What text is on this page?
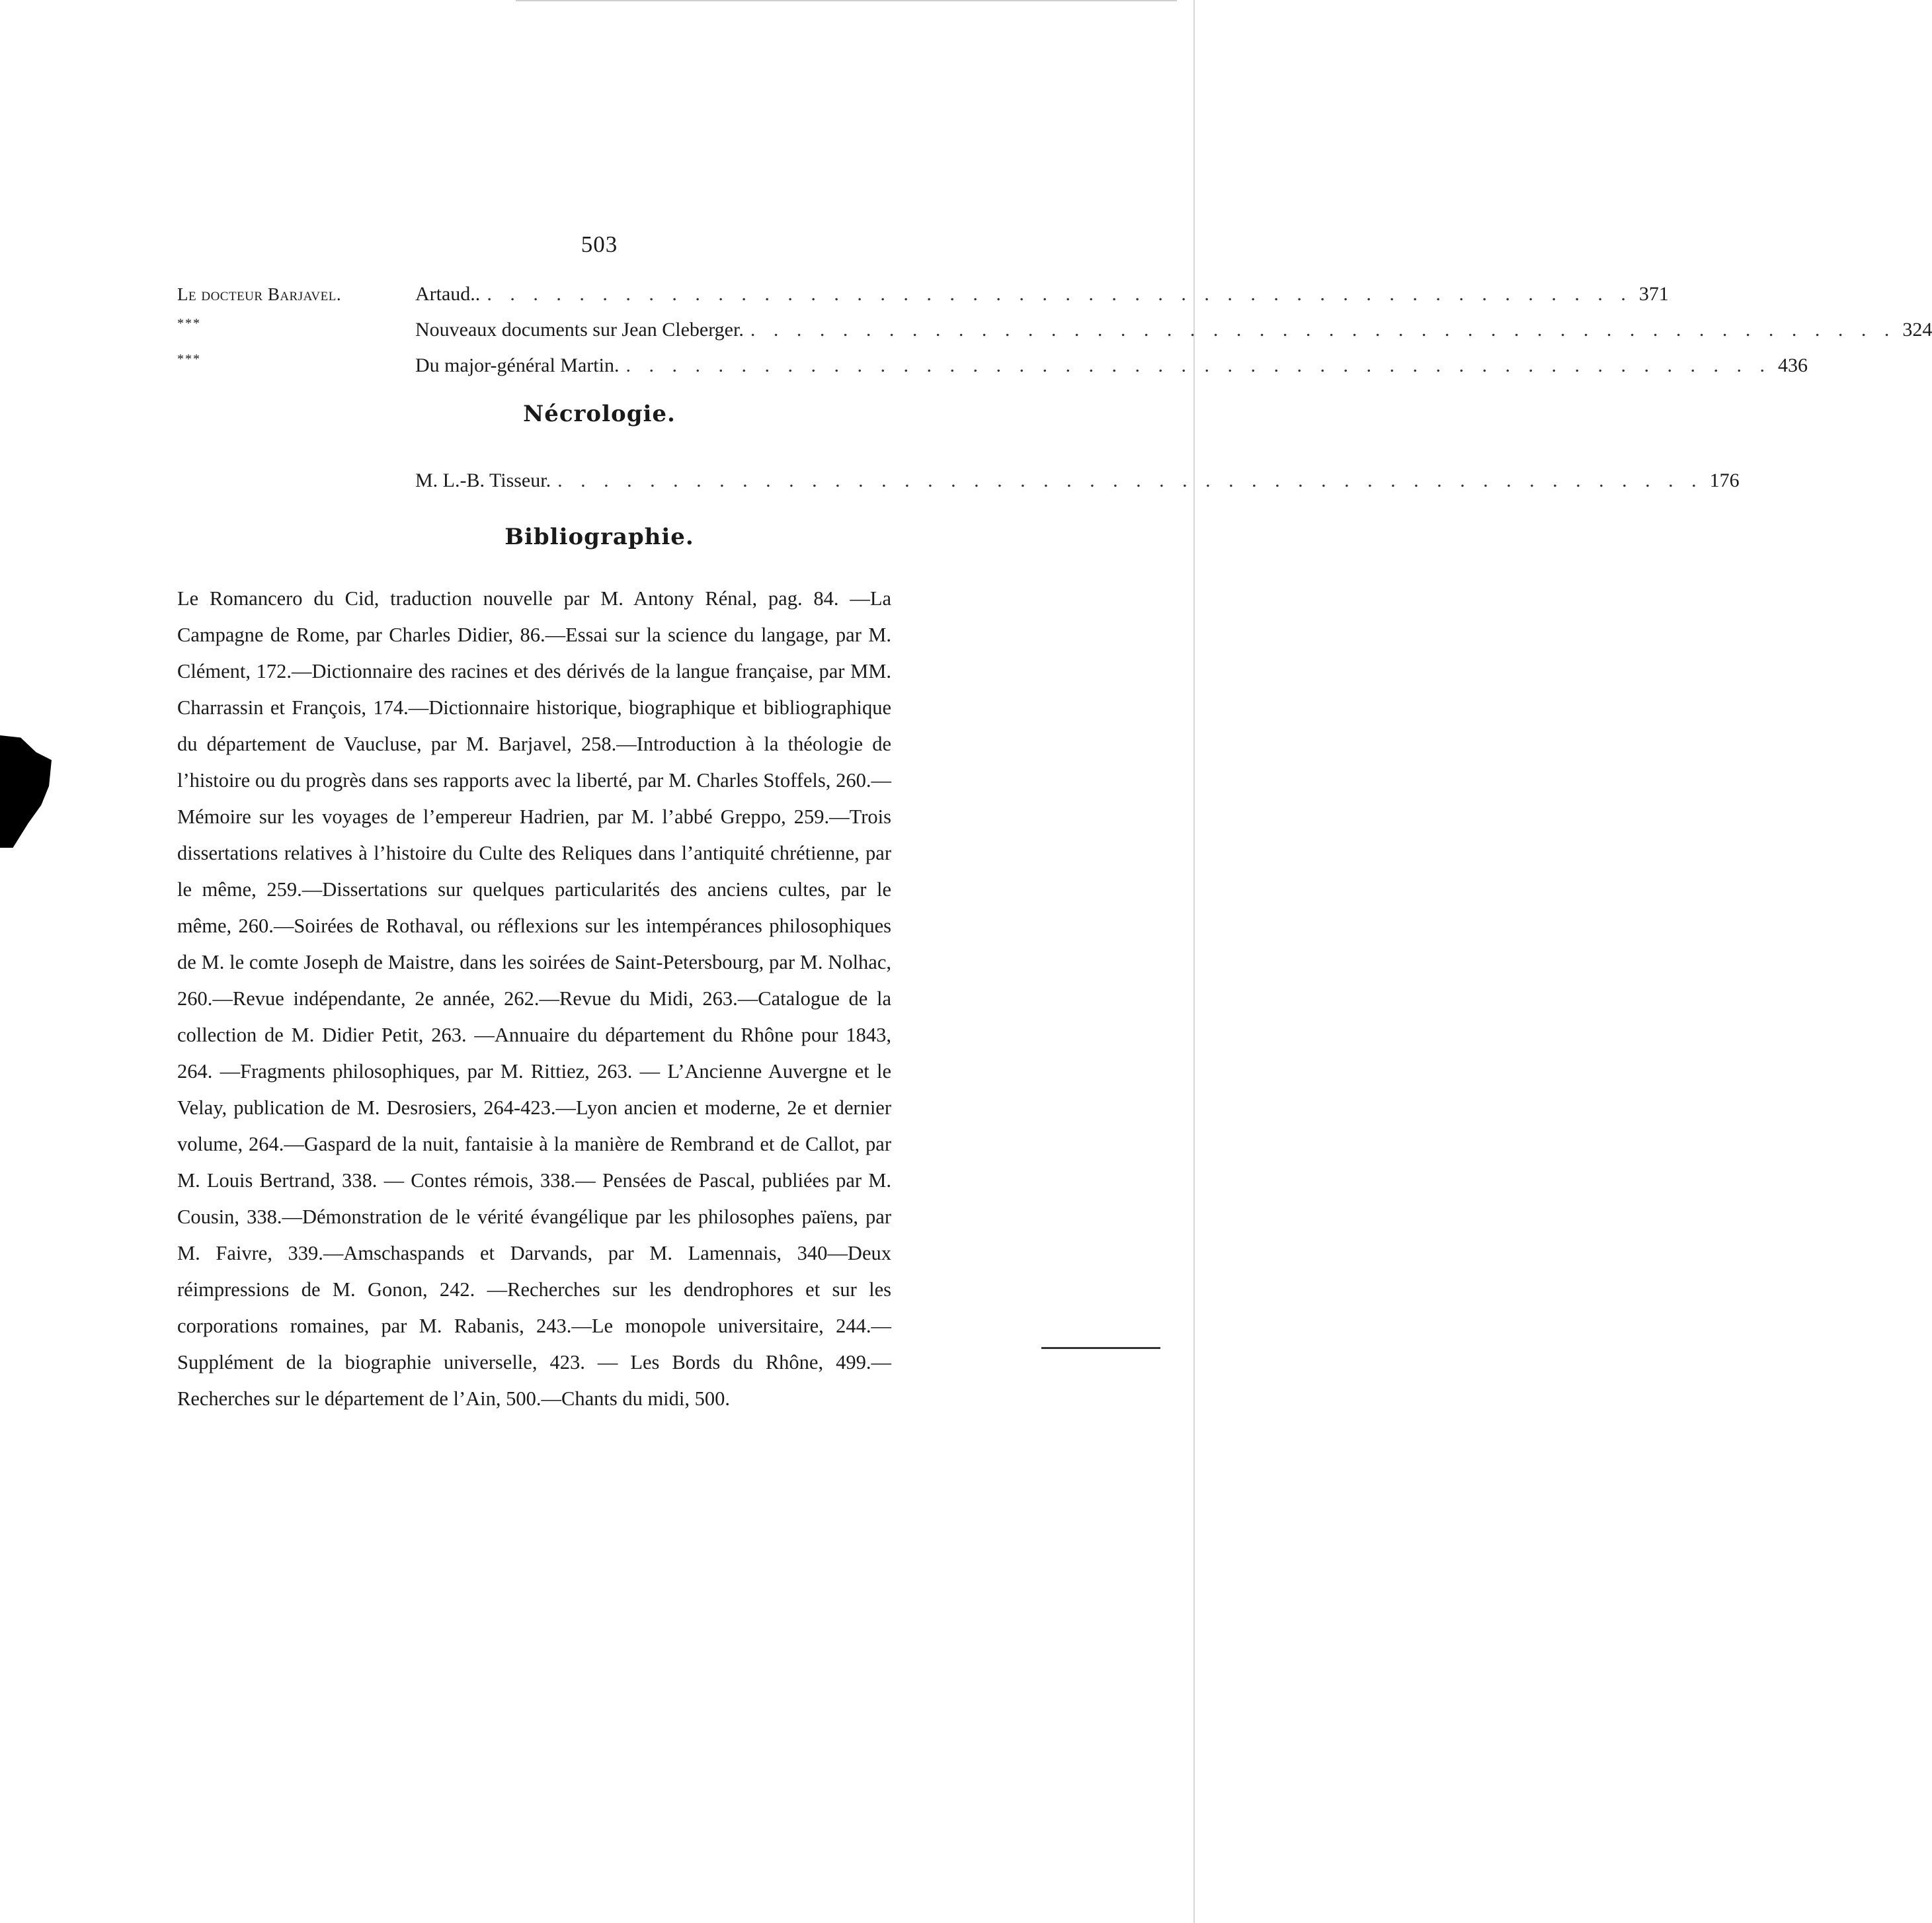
503
Le docteur Barjavel.	Artaud.. . . . . . . . . . . . . . . . . . . . . . . . . . . . . . . . . . . . . . . . . . . . . . . . . . . 371
***	Nouveaux documents sur Jean Cleberger. . . . . . . . . . . . . . . . . . . . . . . . . . . . . . . . . . . . . . . . . . . . . . . . . . . 324
***	Du major-général Martin. . . . . . . . . . . . . . . . . . . . . . . . . . . . . . . . . . . . . . . . . . . . . . . . . . . 436
Nécrologie.
M. L.-B. Tisseur. . . . . . . . . . . . . . . . . . . . . . . . . . . . . . . . . . . . . . . . . . . . . . . . . . . 176
Bibliographie.

Le Romancero du Cid, traduction nouvelle par M. Antony Rénal, pag. 84. —La Campagne de Rome, par Charles Didier, 86.—Essai sur la science du langage, par M. Clément, 172.—Dictionnaire des racines et des dérivés de la langue française, par MM. Charrassin et François, 174.—Dictionnaire historique, biographique et bibliographique du département de Vaucluse, par M. Barjavel, 258.—Introduction à la théologie de l’histoire ou du progrès dans ses rapports avec la liberté, par M. Charles Stoffels, 260.—Mémoire sur les voyages de l’empereur Hadrien, par M. l’abbé Greppo, 259.—Trois dissertations relatives à l’histoire du Culte des Reliques dans l’antiquité chrétienne, par le même, 259.—Dissertations sur quelques particularités des anciens cultes, par le même, 260.—Soirées de Rothaval, ou réflexions sur les intempérances philosophiques de M. le comte Joseph de Maistre, dans les soirées de Saint-Petersbourg, par M. Nolhac, 260.—Revue indépendante, 2e année, 262.—Revue du Midi, 263.—Catalogue de la collection de M. Didier Petit, 263. —Annuaire du département du Rhône pour 1843, 264. —Fragments philosophiques, par M. Rittiez, 263. — L’Ancienne Auvergne et le Velay, publication de M. Desrosiers, 264-423.—Lyon ancien et moderne, 2e et dernier volume, 264.—Gaspard de la nuit, fantaisie à la manière de Rembrand et de Callot, par M. Louis Bertrand, 338. — Contes rémois, 338.— Pensées de Pascal, publiées par M. Cousin, 338.—Démonstration de le vérité évangélique par les philosophes païens, par M. Faivre, 339.—Amschaspands et Darvands, par M. Lamennais, 340—Deux réimpressions de M. Gonon, 242. —Recherches sur les dendrophores et sur les corporations romaines, par M. Rabanis, 243.—Le monopole universitaire, 244.—Supplément de la biographie universelle, 423. — Les Bords du Rhône, 499.—Recherches sur le département de l’Ain, 500.—Chants du midi, 500.
